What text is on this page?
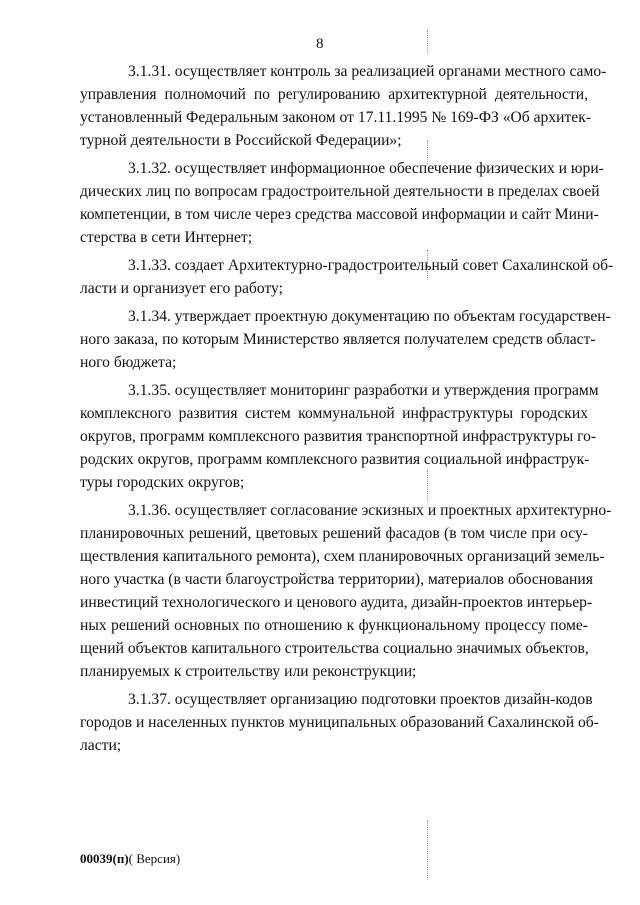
8

3.1.31. осуществляет контроль за реализацией органами местного само-
управления полномочий по регулированию архитектурной деятельности,
установленный Федеральным законом от 17.11.1995 № 169-ФЗ «Об архитек-
турной деятельности в Российской Федерации»;

3.1.32. осуществляет информационное обеспечение физических и юри-
дических лиц по вопросам градостроительной деятельности в пределах своей
компетенции, в том числе через средства массовой информации и сайт Мини-
стерства в сети Интернет;

3.1.33. создает Архитектурно-градостроительный совет Сахалинской об-
ласти и организует его работу;

3.1.34. утверждает проектную документацию по объектам государствен-
ного заказа, по которым Министерство является получателем средств област-
ного бюджета;

3.1.35. осуществляет мониторинг разработки и утверждения программ
комплексного развития систем коммунальной инфраструктуры городских
округов, программ комплексного развития транспортной инфраструктуры го-
родских округов, программ комплексного развития социальной инфраструк-
туры городских округов;

3.1.36. осуществляет согласование эскизных и проектных архитектурно-
планировочных решений, цветовых решений фасадов (в том числе при осу-
ществления капитального ремонта), схем планировочных организаций земель-
ного участка (в части благоустройства территории), материалов обоснования
инвестиций технологического и ценового аудита, дизайн-проектов интерьер-
ных решений основных по отношению к функциональному процессу поме-
щений объектов капитального строительства социально значимых объектов,
планируемых к строительству или реконструкции;

3.1.37. осуществляет организацию подготовки проектов дизайн-кодов
городов и населенных пунктов муниципальных образований Сахалинской об-
ласти;

00039(п)( Версия)
